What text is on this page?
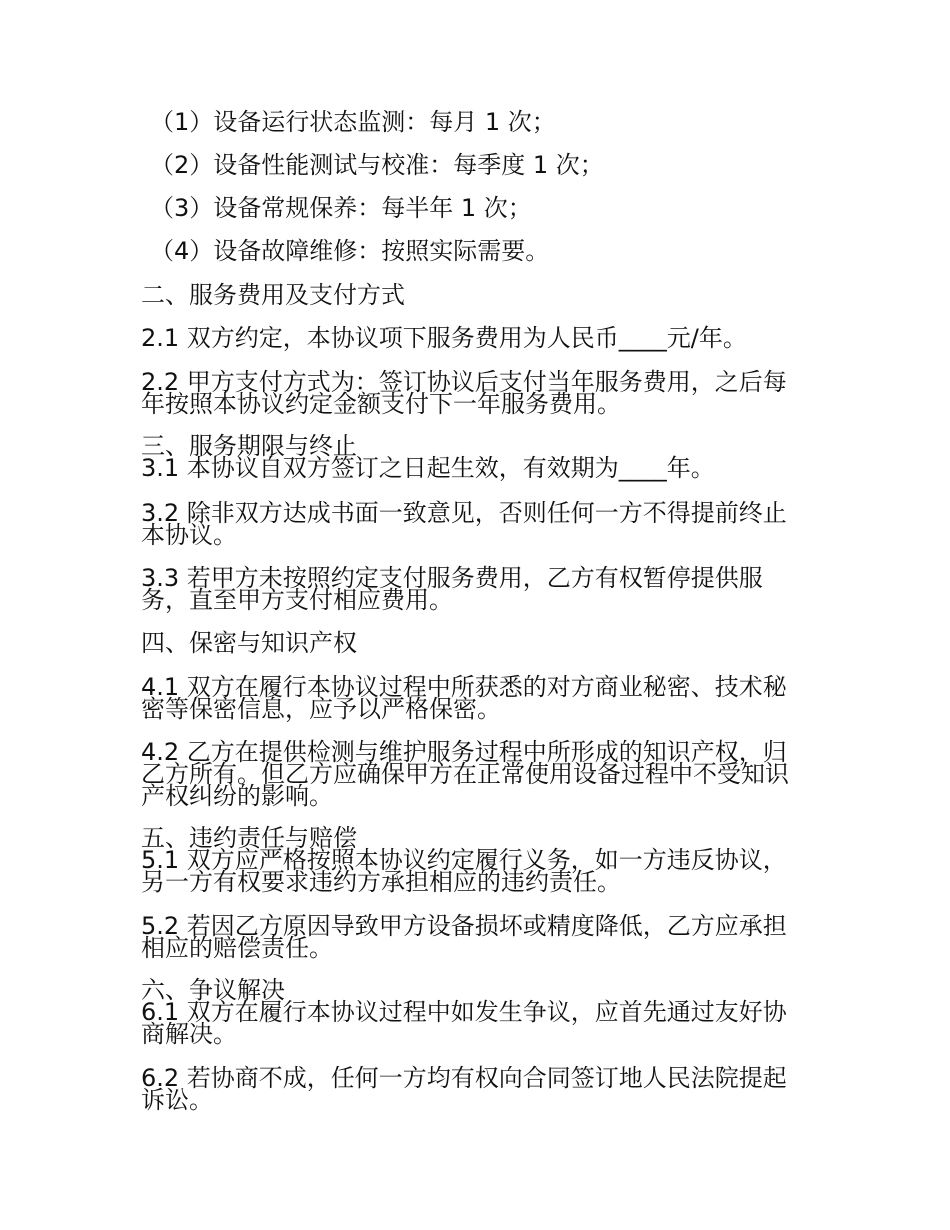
（1）设备运行状态监测：每月 1 次；
（2）设备性能测试与校准：每季度 1 次；
（3）设备常规保养：每半年 1 次；
（4）设备故障维修：按照实际需要。
二、服务费用及支付方式
2.1 双方约定，本协议项下服务费用为人民币____元/年。
2.2 甲方支付方式为：签订协议后支付当年服务费用，之后每
年按照本协议约定金额支付下一年服务费用。
三、服务期限与终止
3.1 本协议自双方签订之日起生效，有效期为____年。
3.2 除非双方达成书面一致意见，否则任何一方不得提前终止
本协议。
3.3 若甲方未按照约定支付服务费用，乙方有权暂停提供服
务，直至甲方支付相应费用。
四、保密与知识产权
4.1 双方在履行本协议过程中所获悉的对方商业秘密、技术秘
密等保密信息，应予以严格保密。
4.2 乙方在提供检测与维护服务过程中所形成的知识产权，归
乙方所有。但乙方应确保甲方在正常使用设备过程中不受知识
产权纠纷的影响。
五、违约责任与赔偿
5.1 双方应严格按照本协议约定履行义务，如一方违反协议，
另一方有权要求违约方承担相应的违约责任。
5.2 若因乙方原因导致甲方设备损坏或精度降低，乙方应承担
相应的赔偿责任。
六、争议解决
6.1 双方在履行本协议过程中如发生争议，应首先通过友好协
商解决。
6.2 若协商不成，任何一方均有权向合同签订地人民法院提起
诉讼。
